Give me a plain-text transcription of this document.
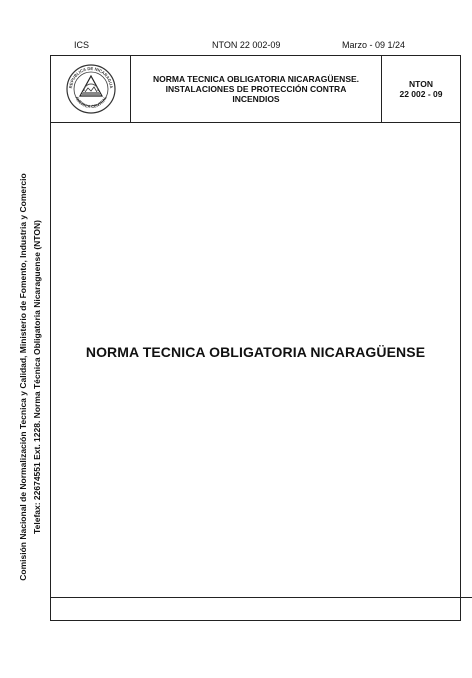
ICS	NTON 22 002-09	Marzo - 09 1/24
Comisión Nacional de Normalización Tecnica y Calidad, Ministerio de Fomento, Industria y Comercio Telefax: 22674551 Ext. 1228. Norma Técnica Obligatoria Nicaraguense (NTON)
REPUBLICA DE NICARAGUA
AMERICA CENTRAL
NORMA TECNICA OBLIGATORIA NICARAGÜENSE.
INSTALACIONES DE PROTECCIÓN CONTRA
INCENDIOS
NTON
22 002 - 09
NORMA TECNICA OBLIGATORIA NICARAGÜENSE
